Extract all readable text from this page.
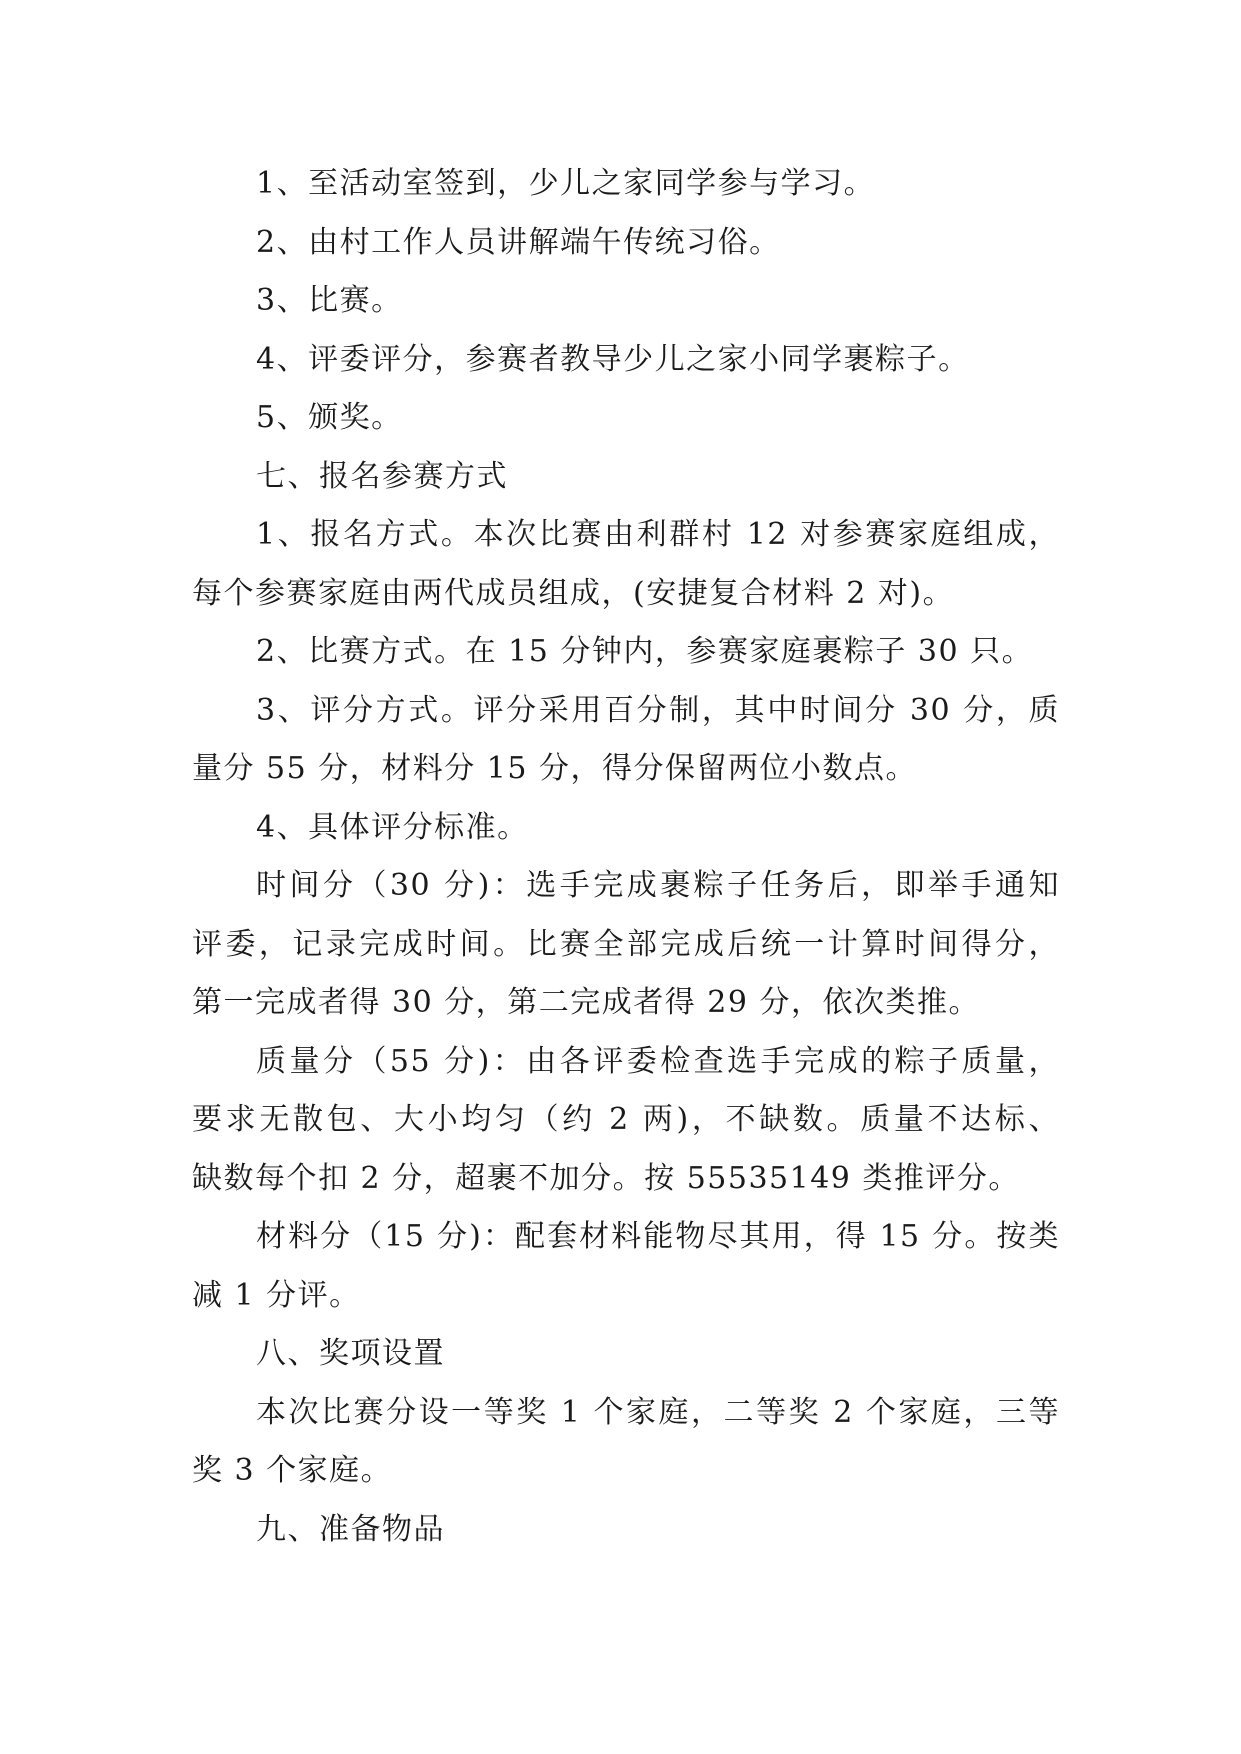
1、至活动室签到，少儿之家同学参与学习。
2、由村工作人员讲解端午传统习俗。
3、比赛。
4、评委评分，参赛者教导少儿之家小同学裹粽子。
5、颁奖。
七、报名参赛方式
1、报名方式。本次比赛由利群村 12 对参赛家庭组成，
每个参赛家庭由两代成员组成，(安捷复合材料 2 对)。
2、比赛方式。在 15 分钟内，参赛家庭裹粽子 30 只。
3、评分方式。评分采用百分制，其中时间分 30 分，质
量分 55 分，材料分 15 分，得分保留两位小数点。
4、具体评分标准。
时间分（30 分)：选手完成裹粽子任务后，即举手通知
评委，记录完成时间。比赛全部完成后统一计算时间得分，
第一完成者得 30 分，第二完成者得 29 分，依次类推。
质量分（55 分)：由各评委检查选手完成的粽子质量，
要求无散包、大小均匀（约 2 两)，不缺数。质量不达标、
缺数每个扣 2 分，超裹不加分。按 55535149 类推评分。
材料分（15 分)：配套材料能物尽其用，得 15 分。按类
减 1 分评。
八、奖项设置
本次比赛分设一等奖 1 个家庭，二等奖 2 个家庭，三等
奖 3 个家庭。
九、准备物品
